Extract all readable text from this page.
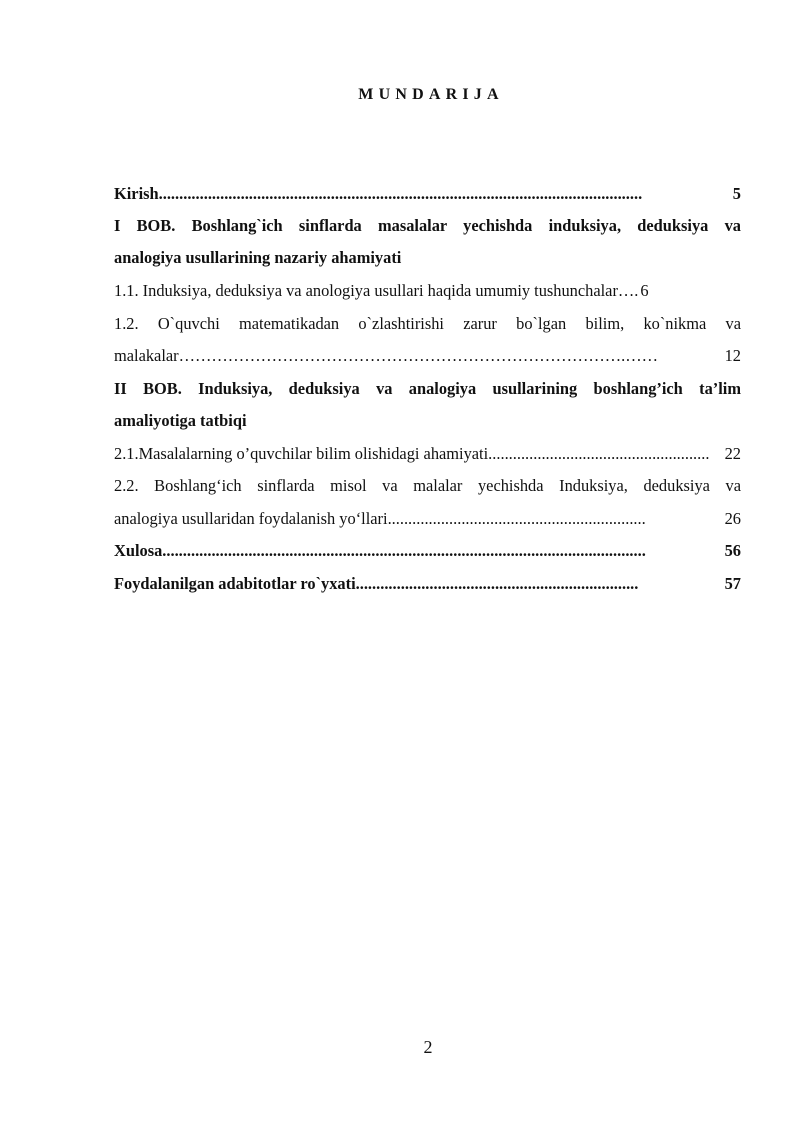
MUNDARIJA
Kirish ......................................................................................................................	5
I BOB. Boshlang`ich sinflarda masalalar yechishda induksiya, deduksiya va
analogiya usullarining nazariy ahamiyati
1.1. Induksiya, deduksiya va anologiya usullari haqida umumiy tushunchalar…. 6
1.2. O`quvchi matematikadan o`zlashtirishi zarur bo`lgan bilim, ko`nikma va
malakalar ……………………………………………………………………….……	12
II BOB. Induksiya, deduksiya va analogiya usullarining boshlang’ich ta’lim
amaliyotiga tatbiqi
2.1.Masalalarning o’quvchilar bilim olishidagi ahamiyati ...................................................... 22
2.2. Boshlang‘ich sinflarda misol va malalar yechishda Induksiya, deduksiya va
analogiya usullaridan foydalanish yo‘llari ...............................................................	26
Xulosa ......................................................................................................................	56
Foydalanilgan adabitotlar ro`yxati .....................................................................	57
2
